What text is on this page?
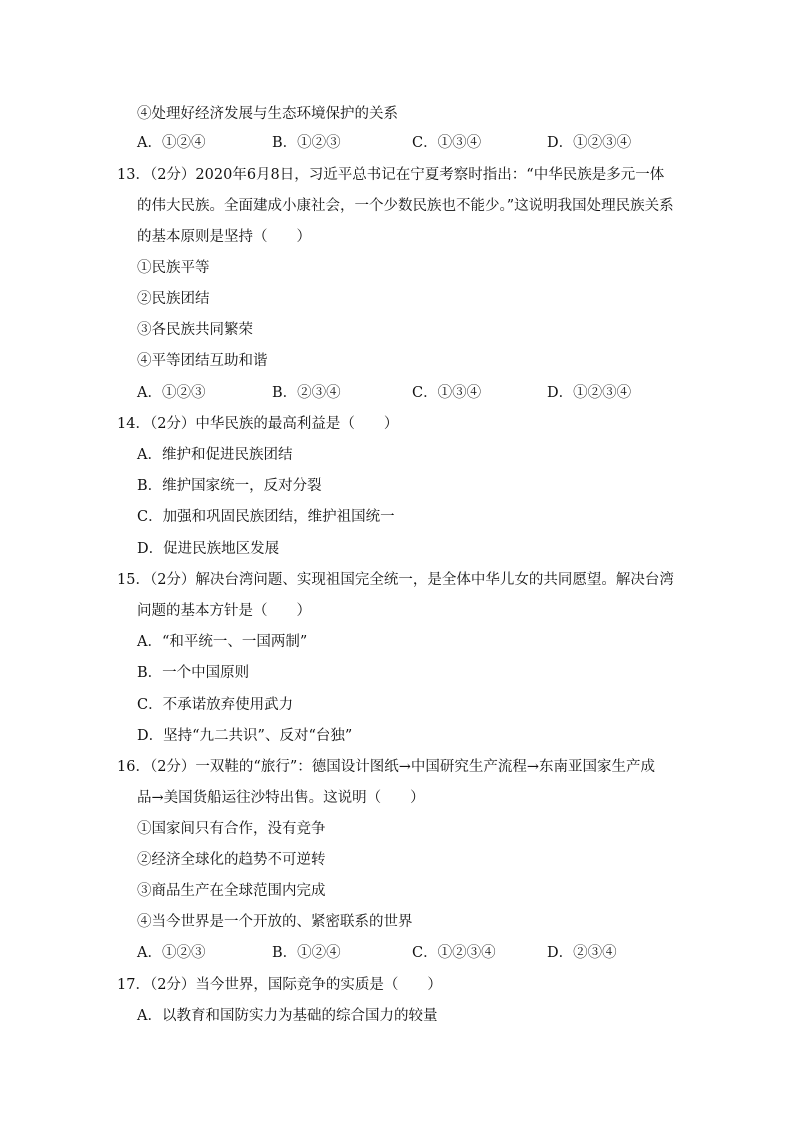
④处理好经济发展与生态环境保护的关系
A．①②④	B．①②③	C．①③④	D．①②③④
13．（2分）2020年6月8日，习近平总书记在宁夏考察时指出：“中华民族是多元一体
的伟大民族。全面建成小康社会，一个少数民族也不能少。”这说明我国处理民族关系
的基本原则是坚持（　　）
①民族平等
②民族团结
③各民族共同繁荣
④平等团结互助和谐
A．①②③	B．②③④	C．①③④	D．①②③④
14．（2分）中华民族的最高利益是（　　）
A．维护和促进民族团结
B．维护国家统一，反对分裂
C．加强和巩固民族团结，维护祖国统一
D．促进民族地区发展
15．（2分）解决台湾问题、实现祖国完全统一，是全体中华儿女的共同愿望。解决台湾
问题的基本方针是（　　）
A．“和平统一、一国两制”
B．一个中国原则
C．不承诺放弃使用武力
D．坚持“九二共识”、反对“台独”
16．（2分）一双鞋的“旅行”：德国设计图纸→中国研究生产流程→东南亚国家生产成
品→美国货船运往沙特出售。这说明（　　）
①国家间只有合作，没有竞争
②经济全球化的趋势不可逆转
③商品生产在全球范围内完成
④当今世界是一个开放的、紧密联系的世界
A．①②③	B．①②④	C．①②③④	D．②③④
17．（2分）当今世界，国际竞争的实质是（　　）
A．以教育和国防实力为基础的综合国力的较量
